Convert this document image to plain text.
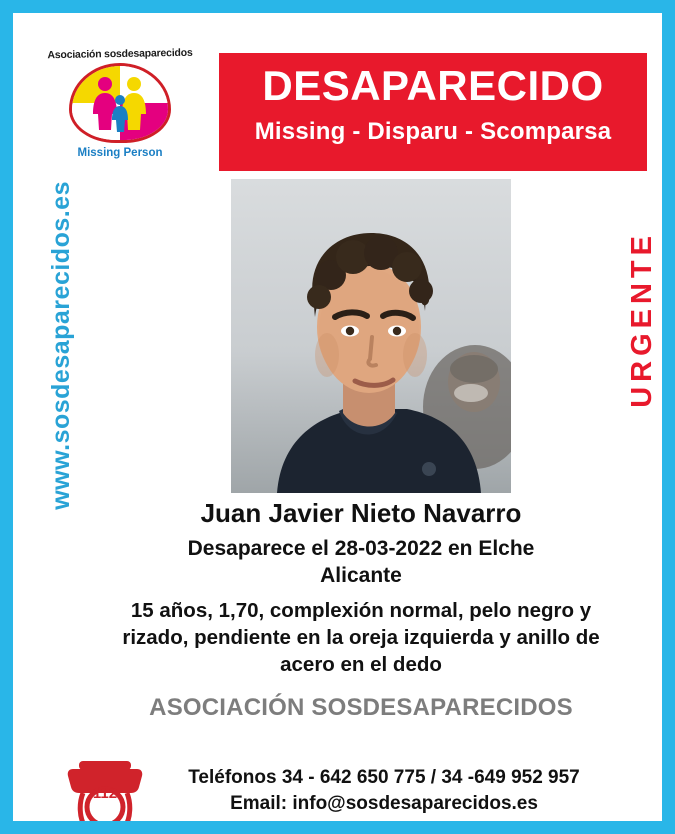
Asociación sosdesaparecidos
Missing Person
DESAPARECIDO
Missing - Disparu - Scomparsa
www.sosdesaparecidos.es	URGENTE
Juan Javier Nieto Navarro
Desaparece el 28-03-2022 en Elche
Alicante
15 años, 1,70, complexión normal, pelo negro y rizado, pendiente en la oreja izquierda y anillo de acero en el dedo
ASOCIACIÓN SOSDESAPARECIDOS
112
Teléfonos 34 - 642 650 775 / 34 -649 952 957
Email: info@sosdesaparecidos.es
